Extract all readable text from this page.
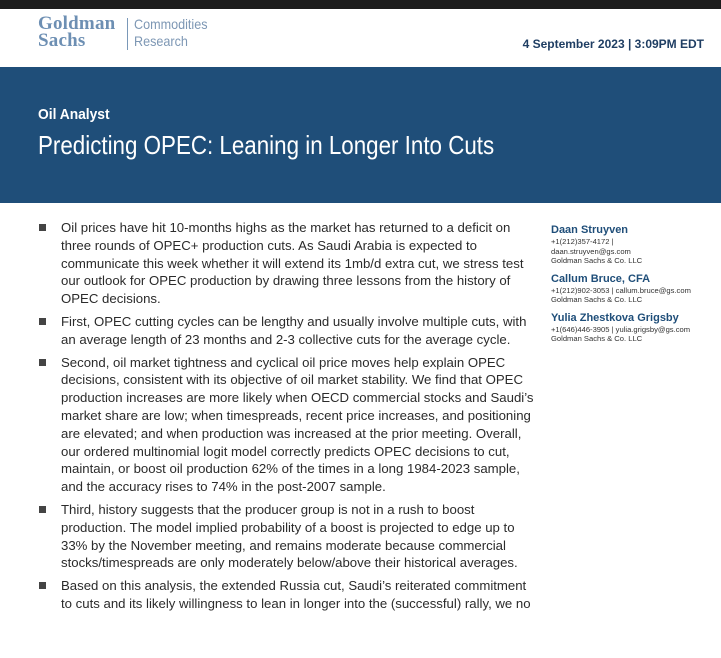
Goldman
Sachs
Commodities
Research	4 September 2023 | 3:09PM EDT
Oil Analyst
Predicting OPEC: Leaning in Longer Into Cuts
Oil prices have hit 10-months highs as the market has returned to a deficit on three rounds of OPEC+ production cuts. As Saudi Arabia is expected to communicate this week whether it will extend its 1mb/d extra cut, we stress test our outlook for OPEC production by drawing three lessons from the history of OPEC decisions.
First, OPEC cutting cycles can be lengthy and usually involve multiple cuts, with an average length of 23 months and 2-3 collective cuts for the average cycle.
Second, oil market tightness and cyclical oil price moves help explain OPEC decisions, consistent with its objective of oil market stability. We find that OPEC production increases are more likely when OECD commercial stocks and Saudi’s market share are low; when timespreads, recent price increases, and positioning are elevated; and when production was increased at the prior meeting. Overall, our ordered multinomial logit model correctly predicts OPEC decisions to cut, maintain, or boost oil production 62% of the times in a long 1984-2023 sample, and the accuracy rises to 74% in the post-2007 sample.
Third, history suggests that the producer group is not in a rush to boost production. The model implied probability of a boost is projected to edge up to 33% by the November meeting, and remains moderate because commercial stocks/timespreads are only moderately below/above their historical averages.
Based on this analysis, the extended Russia cut, Saudi’s reiterated commitment to cuts and its likely willingness to lean in longer into the (successful) rally, we no
Daan Struyven
+1(212)357-4172 |
daan.struyven@gs.com
Goldman Sachs & Co. LLC
Callum Bruce, CFA
+1(212)902-3053 | callum.bruce@gs.com
Goldman Sachs & Co. LLC
Yulia Zhestkova Grigsby
+1(646)446-3905 | yulia.grigsby@gs.com
Goldman Sachs & Co. LLC
